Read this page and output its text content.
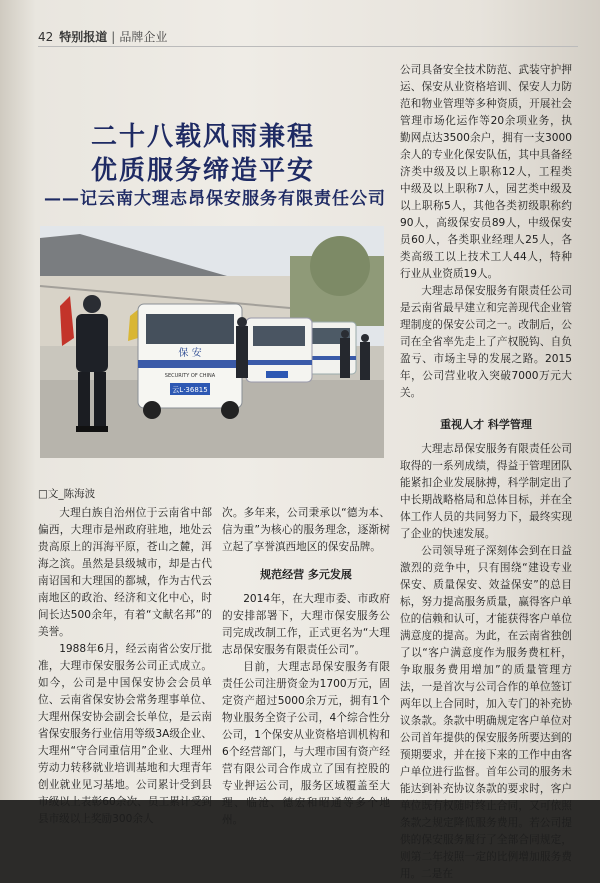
42 特别报道 | 品牌企业
二十八载风雨兼程
优质服务缔造平安
——记云南大理志昂保安服务有限责任公司
保 安
SECURITY OF CHINA
云L·36815
□文_陈海波

大理白族自治州位于云南省中部偏西，大理市是州政府驻地，地处云贵高原上的洱海平原，苍山之麓，洱海之滨。虽然是县级城市，却是古代南诏国和大理国的都城，作为古代云南地区的政治、经济和文化中心，时间长达500余年，有着“文献名邦”的美誉。

1988年6月，经云南省公安厅批准，大理市保安服务公司正式成立。如今，公司是中国保安协会会员单位、云南省保安协会常务理事单位、大理州保安协会副会长单位，是云南省保安服务行业信用等级3A级企业、大理州“守合同重信用”企业、大理州劳动力转移就业培训基地和大理青年创业就业见习基地。公司累计受到县市级以上表彰60余次、员工累计受到县市级以上奖励300余人

次。多年来，公司秉承以“德为本、信为重”为核心的服务理念，逐渐树立起了享誉滇西地区的保安品牌。
规范经营 多元发展

2014年，在大理市委、市政府的安排部署下，大理市保安服务公司完成改制工作，正式更名为“大理志昂保安服务有限责任公司”。

目前，大理志昂保安服务有限责任公司注册资金为1700万元，固定资产超过5000余万元，拥有1个物业服务全资子公司，4个综合性分公司，1个保安从业资格培训机构和6个经营部门，与大理市国有资产经营有限公司合作成立了国有控股的专业押运公司，服务区域覆盖至大理、临沧、德宏和昭通等多个地州。

公司具备安全技术防范、武装守护押运、保安从业资格培训、保安人力防范和物业管理等多种资质，开展社会管理市场化运作等20余项业务，执勤网点达3500余户，拥有一支3000余人的专业化保安队伍，其中具备经济类中级及以上职称12人，工程类中级及以上职称7人，园艺类中级及以上职称5人，其他各类初级职称约90人，高级保安员89人，中级保安员60人，各类职业经理人25人，各类高级工以上技术工人44人，特种行业从业资质19人。

大理志昂保安服务有限责任公司是云南省最早建立和完善现代企业管理制度的保安公司之一。改制后，公司在全省率先走上了产权脱钩、自负盈亏、市场主导的发展之路。2015年，公司营业收入突破7000万元大关。

重视人才 科学管理

大理志昂保安服务有限责任公司取得的一系列成绩，得益于管理团队能紧扣企业发展脉搏，科学制定出了中长期战略格局和总体目标，并在全体工作人员的共同努力下，最终实现了企业的快速发展。

公司领导班子深刻体会到在日益激烈的竞争中，只有围绕“建设专业保安、质量保安、效益保安”的总目标，努力提高服务质量，赢得客户单位的信赖和认可，才能获得客户单位满意度的提高。为此，在云南省独创了以“客户满意度作为服务费杠杆，争取服务费用增加”的质量管理方法，一是首次与公司合作的单位签订两年以上合同时，加入专门的补充协议条款。条款中明确规定客户单位对公司首年提供的保安服务所要达到的预期要求，并在接下来的工作中由客户单位进行监督。首年公司的服务未能达到补充协议条款的要求时，客户单位既有权随时终止合同，又可依照条款之规定降低服务费用。若公司提供的保安服务履行了全部合同规定，则第二年按照一定的比例增加服务费用。二是在
